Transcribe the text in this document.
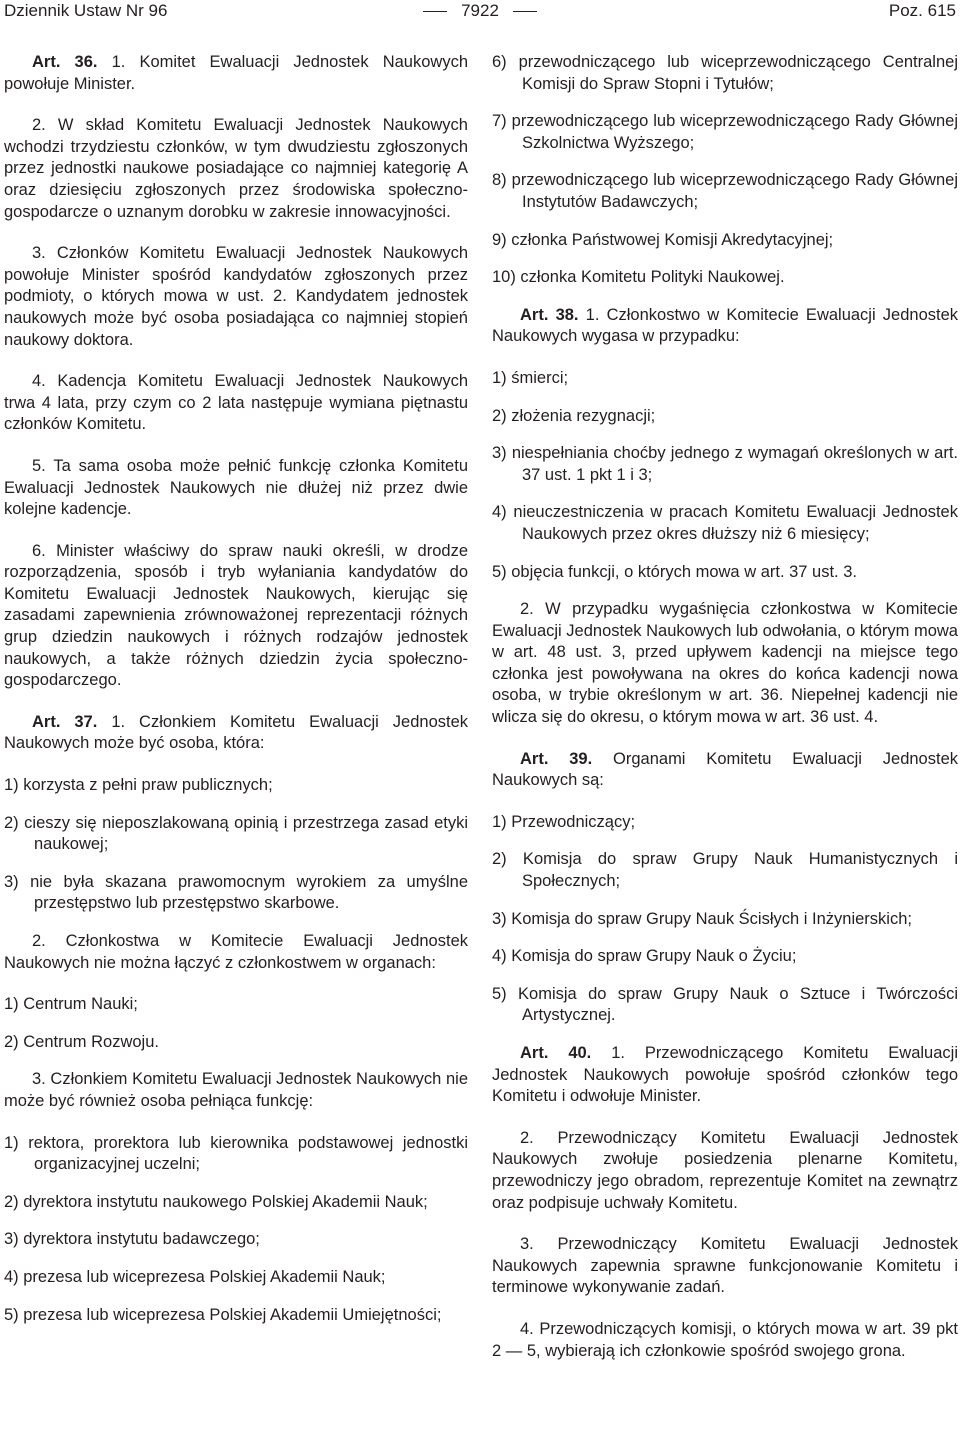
Dziennik Ustaw Nr 96	7922	Poz. 615

Art. 36. 1. Komitet Ewaluacji Jednostek Naukowych powołuje Minister.

2. W skład Komitetu Ewaluacji Jednostek Naukowych wchodzi trzydziestu członków, w tym dwudziestu zgłoszonych przez jednostki naukowe posiadające co najmniej kategorię A oraz dziesięciu zgłoszonych przez środowiska społeczno-gospodarcze o uznanym dorobku w zakresie innowacyjności.

3. Członków Komitetu Ewaluacji Jednostek Naukowych powołuje Minister spośród kandydatów zgłoszonych przez podmioty, o których mowa w ust. 2. Kandydatem jednostek naukowych może być osoba posiadająca co najmniej stopień naukowy doktora.

4. Kadencja Komitetu Ewaluacji Jednostek Naukowych trwa 4 lata, przy czym co 2 lata następuje wymiana piętnastu członków Komitetu.

5. Ta sama osoba może pełnić funkcję członka Komitetu Ewaluacji Jednostek Naukowych nie dłużej niż przez dwie kolejne kadencje.

6. Minister właściwy do spraw nauki określi, w drodze rozporządzenia, sposób i tryb wyłaniania kandydatów do Komitetu Ewaluacji Jednostek Naukowych, kierując się zasadami zapewnienia zrównoważonej reprezentacji różnych grup dziedzin naukowych i różnych rodzajów jednostek naukowych, a także różnych dziedzin życia społeczno-gospodarczego.

Art. 37. 1. Członkiem Komitetu Ewaluacji Jednostek Naukowych może być osoba, która:

1) korzysta z pełni praw publicznych;
2) cieszy się nieposzlakowaną opinią i przestrzega zasad etyki naukowej;
3) nie była skazana prawomocnym wyrokiem za umyślne przestępstwo lub przestępstwo skarbowe.

2. Członkostwa w Komitecie Ewaluacji Jednostek Naukowych nie można łączyć z członkostwem w organach:

1) Centrum Nauki;
2) Centrum Rozwoju.

3. Członkiem Komitetu Ewaluacji Jednostek Naukowych nie może być również osoba pełniąca funkcję:

1) rektora, prorektora lub kierownika podstawowej jednostki organizacyjnej uczelni;
2) dyrektora instytutu naukowego Polskiej Akademii Nauk;
3) dyrektora instytutu badawczego;
4) prezesa lub wiceprezesa Polskiej Akademii Nauk;
5) prezesa lub wiceprezesa Polskiej Akademii Umiejętności;
6) przewodniczącego lub wiceprzewodniczącego Centralnej Komisji do Spraw Stopni i Tytułów;
7) przewodniczącego lub wiceprzewodniczącego Rady Głównej Szkolnictwa Wyższego;
8) przewodniczącego lub wiceprzewodniczącego Rady Głównej Instytutów Badawczych;
9) członka Państwowej Komisji Akredytacyjnej;
10) członka Komitetu Polityki Naukowej.

Art. 38. 1. Członkostwo w Komitecie Ewaluacji Jednostek Naukowych wygasa w przypadku:

1) śmierci;
2) złożenia rezygnacji;
3) niespełniania choćby jednego z wymagań określonych w art. 37 ust. 1 pkt 1 i 3;
4) nieuczestniczenia w pracach Komitetu Ewaluacji Jednostek Naukowych przez okres dłuższy niż 6 miesięcy;
5) objęcia funkcji, o których mowa w art. 37 ust. 3.

2. W przypadku wygaśnięcia członkostwa w Komitecie Ewaluacji Jednostek Naukowych lub odwołania, o którym mowa w art. 48 ust. 3, przed upływem kadencji na miejsce tego członka jest powoływana na okres do końca kadencji nowa osoba, w trybie określonym w art. 36. Niepełnej kadencji nie wlicza się do okresu, o którym mowa w art. 36 ust. 4.

Art. 39. Organami Komitetu Ewaluacji Jednostek Naukowych są:

1) Przewodniczący;
2) Komisja do spraw Grupy Nauk Humanistycznych i Społecznych;
3) Komisja do spraw Grupy Nauk Ścisłych i Inżynierskich;
4) Komisja do spraw Grupy Nauk o Życiu;
5) Komisja do spraw Grupy Nauk o Sztuce i Twórczości Artystycznej.

Art. 40. 1. Przewodniczącego Komitetu Ewaluacji Jednostek Naukowych powołuje spośród członków tego Komitetu i odwołuje Minister.

2. Przewodniczący Komitetu Ewaluacji Jednostek Naukowych zwołuje posiedzenia plenarne Komitetu, przewodniczy jego obradom, reprezentuje Komitet na zewnątrz oraz podpisuje uchwały Komitetu.

3. Przewodniczący Komitetu Ewaluacji Jednostek Naukowych zapewnia sprawne funkcjonowanie Komitetu i terminowe wykonywanie zadań.

4. Przewodniczących komisji, o których mowa w art. 39 pkt 2 — 5, wybierają ich członkowie spośród swojego grona.
